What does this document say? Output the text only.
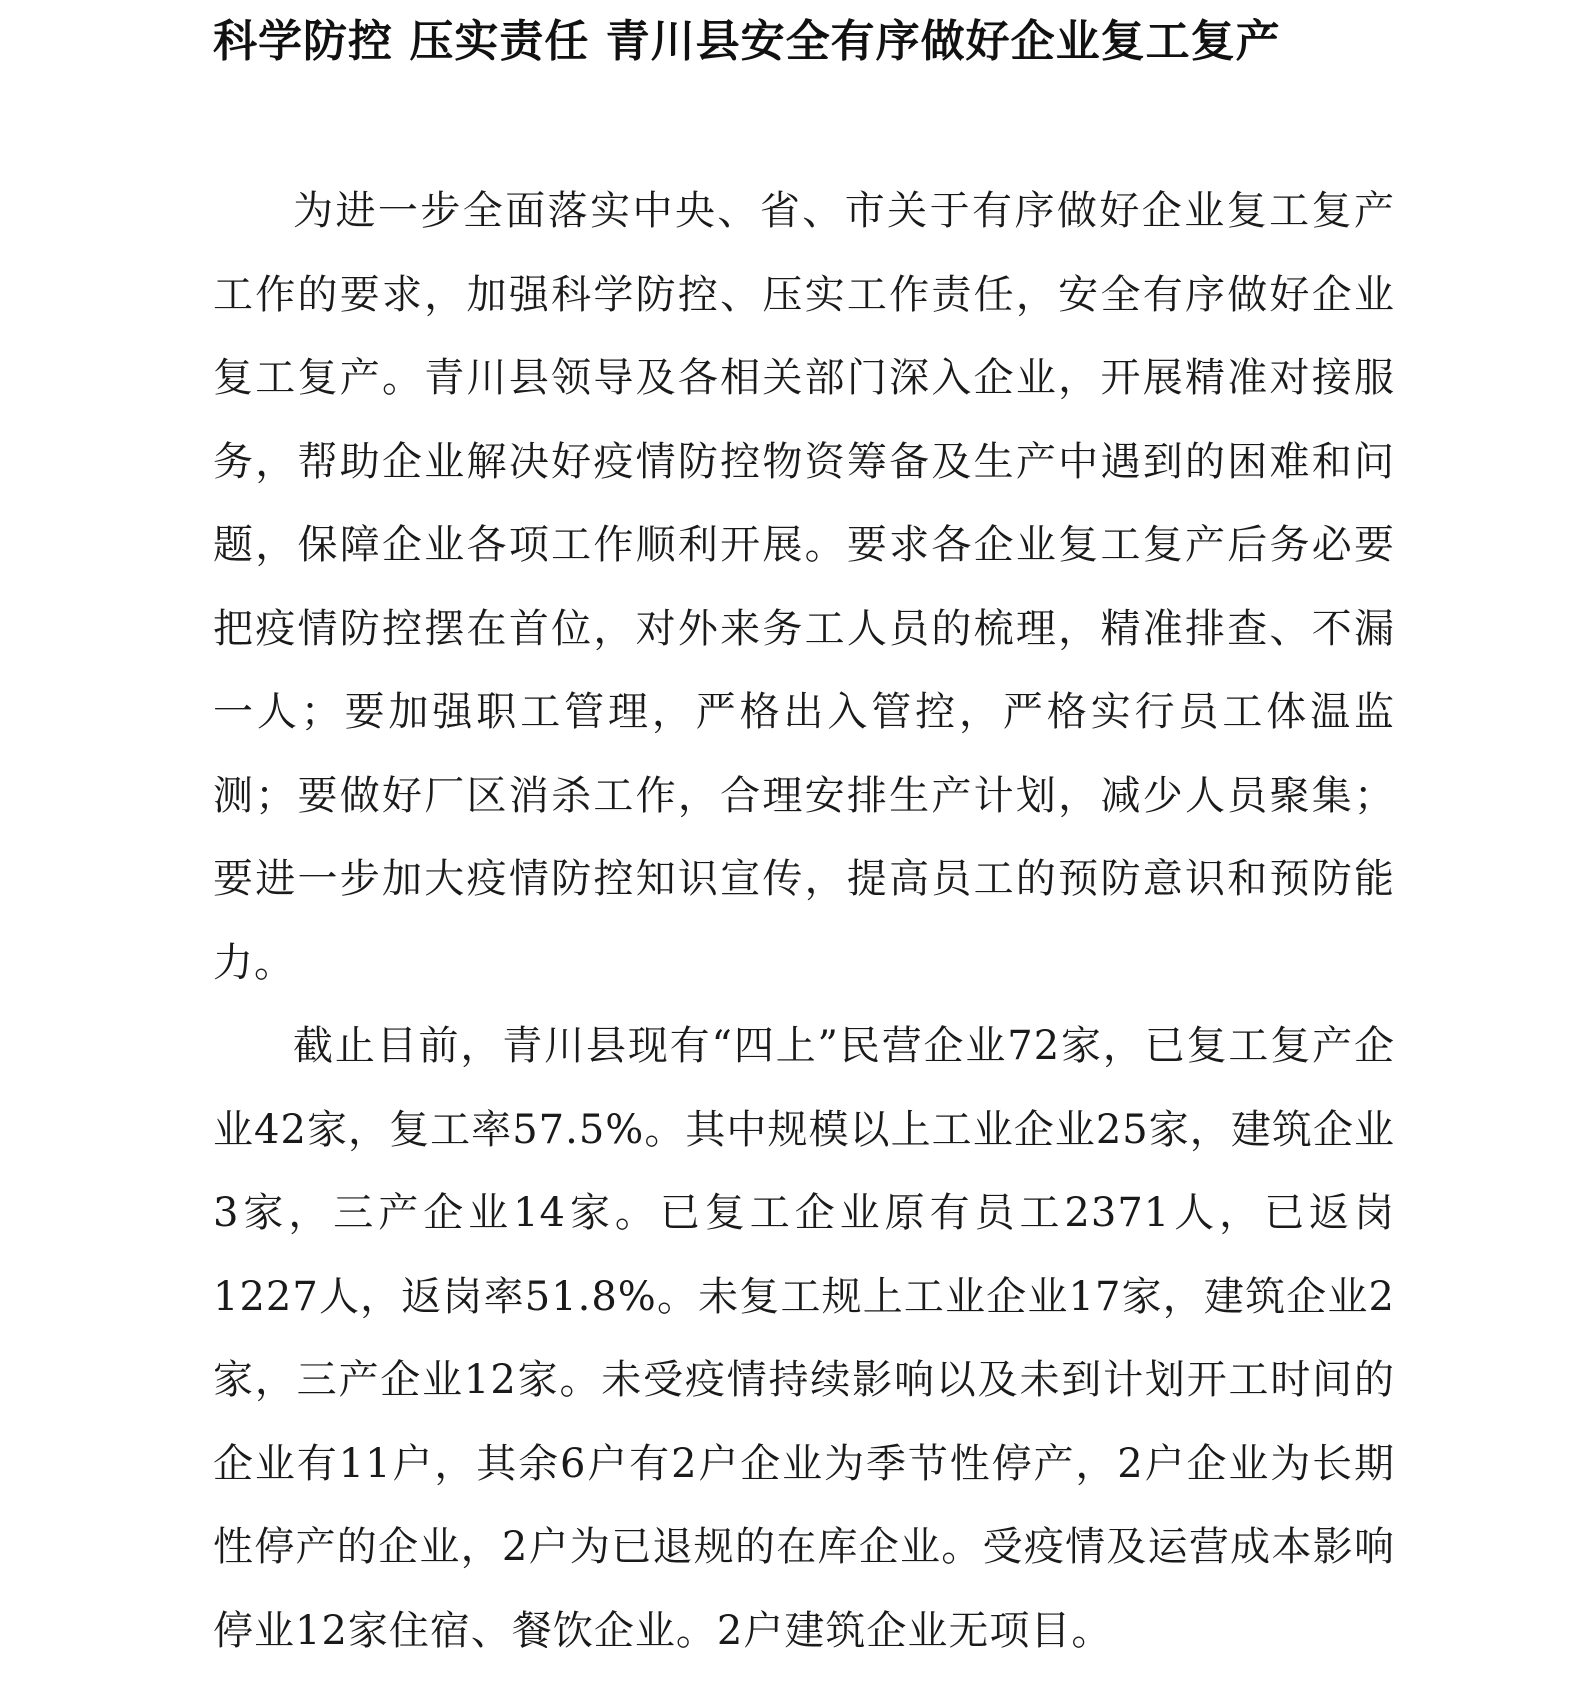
科学防控 压实责任 青川县安全有序做好企业复工复产

为进一步全面落实中央、省、市关于有序做好企业复工复产工作的要求，加强科学防控、压实工作责任，安全有序做好企业复工复产。青川县领导及各相关部门深入企业，开展精准对接服务，帮助企业解决好疫情防控物资筹备及生产中遇到的困难和问题，保障企业各项工作顺利开展。要求各企业复工复产后务必要把疫情防控摆在首位，对外来务工人员的梳理，精准排查、不漏一人；要加强职工管理，严格出入管控，严格实行员工体温监测；要做好厂区消杀工作，合理安排生产计划，减少人员聚集；要进一步加大疫情防控知识宣传，提高员工的预防意识和预防能力。

截止目前，青川县现有“四上”民营企业72家，已复工复产企业42家，复工率57.5%。其中规模以上工业企业25家，建筑企业3家，三产企业14家。已复工企业原有员工2371人，已返岗1227人，返岗率51.8%。未复工规上工业企业17家，建筑企业2家，三产企业12家。未受疫情持续影响以及未到计划开工时间的企业有11户，其余6户有2户企业为季节性停产，2户企业为长期性停产的企业，2户为已退规的在库企业。受疫情及运营成本影响停业12家住宿、餐饮企业。2户建筑企业无项目。
